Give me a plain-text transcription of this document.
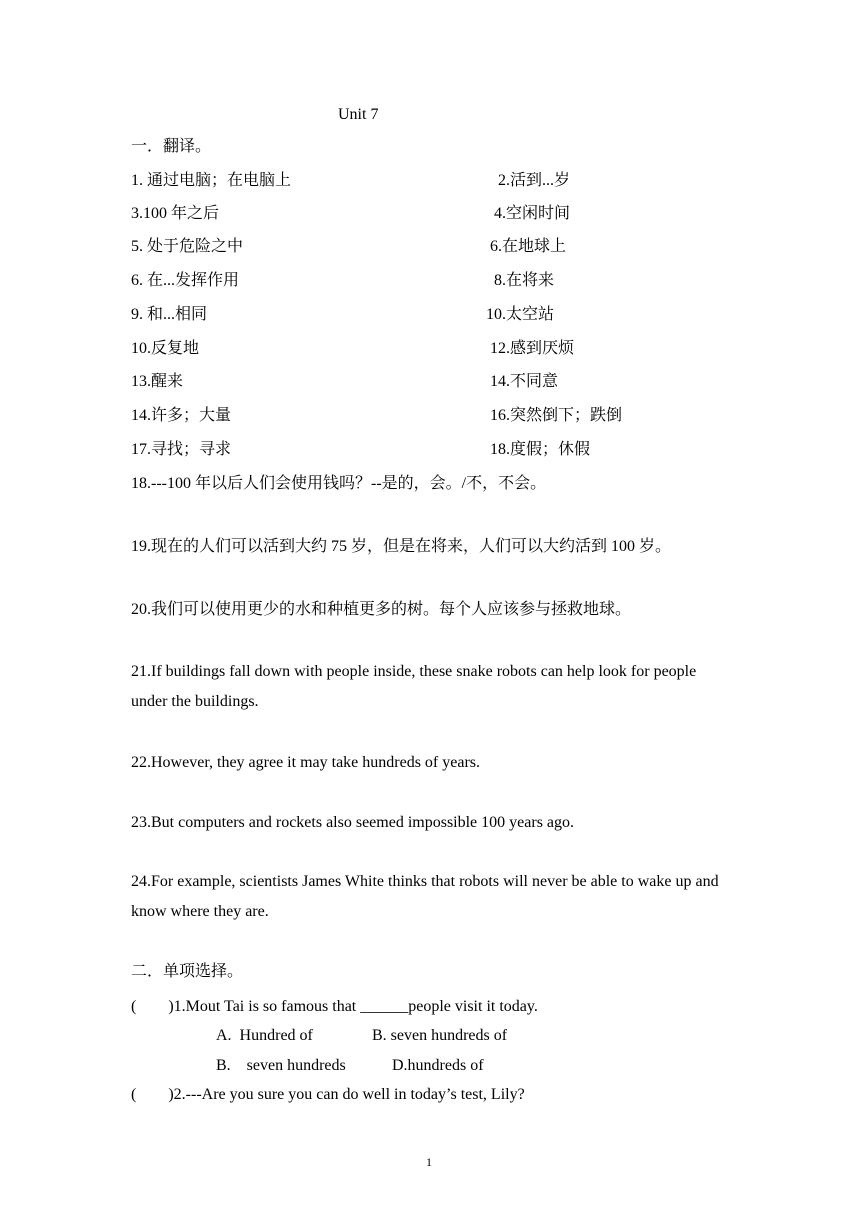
Unit 7
一．翻译。
1. 通过电脑；在电脑上	2.活到...岁
3.100 年之后	4.空闲时间
5. 处于危险之中	6.在地球上
6. 在...发挥作用	8.在将来
9. 和...相同	10.太空站
10.反复地	12.感到厌烦
13.醒来	14.不同意
14.许多；大量	16.突然倒下；跌倒
17.寻找；寻求	18.度假；休假
18.---100 年以后人们会使用钱吗？--是的，会。/不，不会。
19.现在的人们可以活到大约 75 岁，但是在将来，人们可以大约活到 100 岁。
20.我们可以使用更少的水和种植更多的树。每个人应该参与拯救地球。
21.If buildings fall down with people inside, these snake robots can help look for people under the buildings.
22.However, they agree it may take hundreds of years.
23.But computers and rockets also seemed impossible 100 years ago.
24.For example, scientists James White thinks that robots will never be able to wake up and know where they are.
二．单项选择。
(        )1.Mout Tai is so famous that ______people visit it today.
A.  Hundred of	B. seven hundreds of
B.    seven hundreds	D.hundreds of
(        )2.---Are you sure you can do well in today’s test, Lily?
1
